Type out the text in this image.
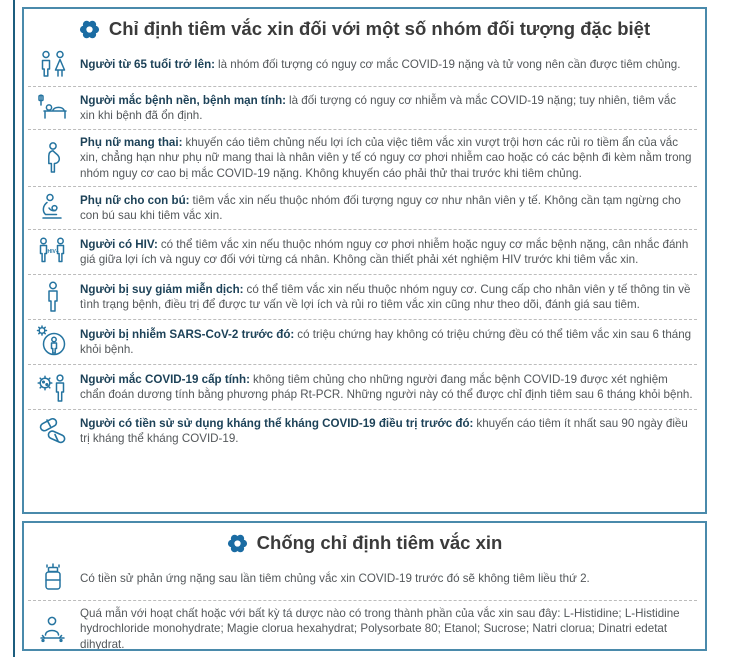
Chỉ định tiêm vắc xin đối với một số nhóm đối tượng đặc biệt

Người từ 65 tuổi trở lên: là nhóm đối tượng có nguy cơ mắc COVID-19 nặng và tử vong nên cần được tiêm chủng.

Người mắc bệnh nền, bệnh mạn tính: là đối tượng có nguy cơ nhiễm và mắc COVID-19 nặng; tuy nhiên, tiêm vắc xin khi bệnh đã ổn định.

Phụ nữ mang thai: khuyến cáo tiêm chủng nếu lợi ích của việc tiêm vắc xin vượt trội hơn các rủi ro tiềm ẩn của vắc xin, chẳng hạn như phụ nữ mang thai là nhân viên y tế có nguy cơ phơi nhiễm cao hoặc có các bệnh đi kèm nằm trong nhóm nguy cơ cao bị mắc COVID-19 nặng. Không khuyến cáo phải thử thai trước khi tiêm chủng.

Phụ nữ cho con bú: tiêm vắc xin nếu thuộc nhóm đối tượng nguy cơ như nhân viên y tế. Không cần tạm ngừng cho con bú sau khi tiêm vắc xin.

HIV+

Người có HIV: có thể tiêm vắc xin nếu thuộc nhóm nguy cơ phơi nhiễm hoặc nguy cơ mắc bệnh nặng, cân nhắc đánh giá giữa lợi ích và nguy cơ đối với từng cá nhân. Không cần thiết phải xét nghiệm HIV trước khi tiêm vắc xin.

Người bị suy giảm miễn dịch: có thể tiêm vắc xin nếu thuộc nhóm nguy cơ. Cung cấp cho nhân viên y tế thông tin về tình trạng bệnh, điều trị để được tư vấn về lợi ích và rủi ro tiêm vắc xin cũng như theo dõi, đánh giá sau tiêm.

Người bị nhiễm SARS-CoV-2 trước đó: có triệu chứng hay không có triệu chứng đều có thể tiêm vắc xin sau 6 tháng khỏi bệnh.

Người mắc COVID-19 cấp tính: không tiêm chủng cho những người đang mắc bệnh COVID-19 được xét nghiệm chẩn đoán dương tính bằng phương pháp Rt-PCR. Những người này có thể được chỉ định tiêm sau 6 tháng khỏi bệnh.

Người có tiền sử sử dụng kháng thể kháng COVID-19 điều trị trước đó: khuyến cáo tiêm ít nhất sau 90 ngày điều trị kháng thể kháng COVID-19.

Chống chỉ định tiêm vắc xin

Có tiền sử phản ứng nặng sau lần tiêm chủng vắc xin COVID-19 trước đó sẽ không tiêm liều thứ 2.

Quá mẫn với hoạt chất hoặc với bất kỳ tá dược nào có trong thành phần của vắc xin sau đây: L-Histidine; L-Histidine hydrochloride monohydrate; Magie clorua hexahydrat; Polysorbate 80; Etanol; Sucrose; Natri clorua; Dinatri edetat dihydrat.
